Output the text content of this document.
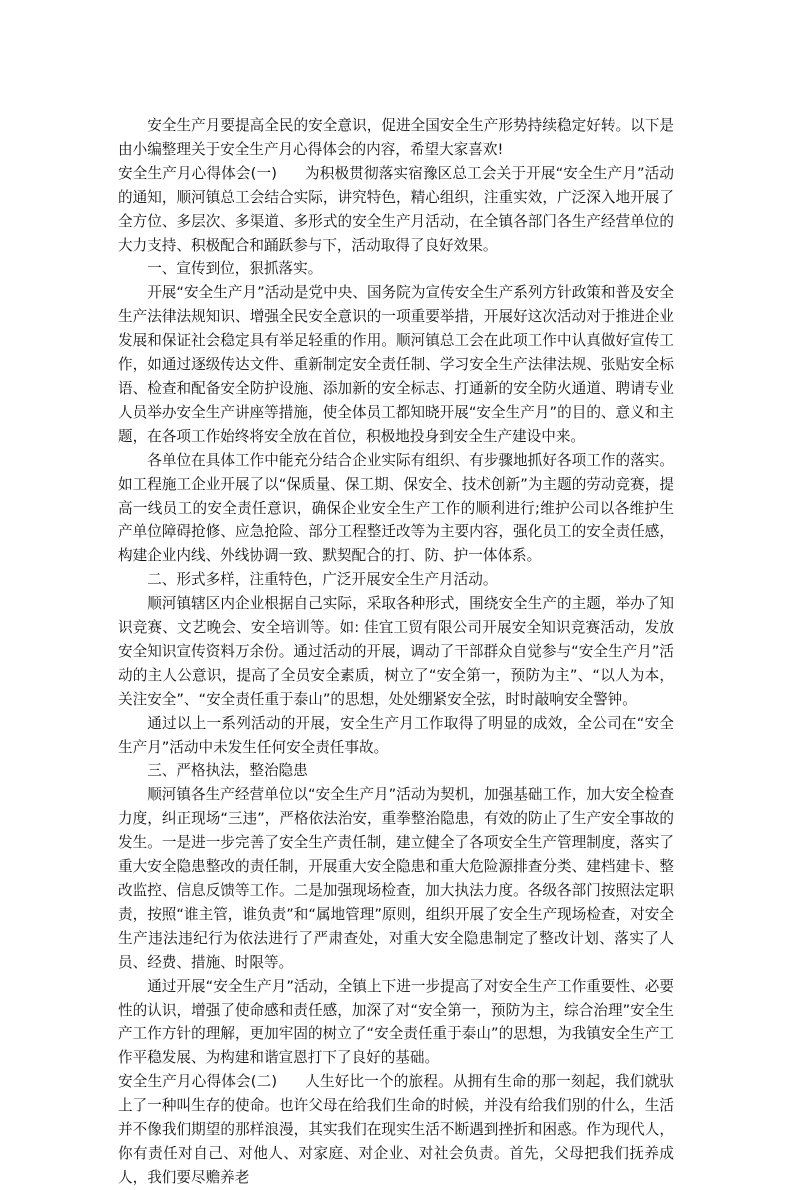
安全生产月要提高全民的安全意识，促进全国安全生产形势持续稳定好转。以下是由小编整理关于安全生产月心得体会的内容，希望大家喜欢!

安全生产月心得体会(一) 为积极贯彻落实宿豫区总工会关于开展“安全生产月”活动的通知，顺河镇总工会结合实际，讲究特色，精心组织，注重实效，广泛深入地开展了全方位、多层次、多渠道、多形式的安全生产月活动，在全镇各部门各生产经营单位的大力支持、积极配合和踊跃参与下，活动取得了良好效果。

一、宣传到位，狠抓落实。

开展“安全生产月”活动是党中央、国务院为宣传安全生产系列方针政策和普及安全生产法律法规知识、增强全民安全意识的一项重要举措，开展好这次活动对于推进企业发展和保证社会稳定具有举足轻重的作用。顺河镇总工会在此项工作中认真做好宣传工作，如通过逐级传达文件、重新制定安全责任制、学习安全生产法律法规、张贴安全标语、检查和配备安全防护设施、添加新的安全标志、打通新的安全防火通道、聘请专业人员举办安全生产讲座等措施，使全体员工都知晓开展“安全生产月”的目的、意义和主题，在各项工作始终将安全放在首位，积极地投身到安全生产建设中来。

各单位在具体工作中能充分结合企业实际有组织、有步骤地抓好各项工作的落实。如工程施工企业开展了以“保质量、保工期、保安全、技术创新”为主题的劳动竞赛，提高一线员工的安全责任意识，确保企业安全生产工作的顺利进行;维护公司以各维护生产单位障碍抢修、应急抢险、部分工程整迁改等为主要内容，强化员工的安全责任感，构建企业内线、外线协调一致、默契配合的打、防、护一体体系。

二、形式多样，注重特色，广泛开展安全生产月活动。

顺河镇辖区内企业根据自己实际，采取各种形式，围绕安全生产的主题，举办了知识竞赛、文艺晚会、安全培训等。如: 佳宜工贸有限公司开展安全知识竞赛活动，发放安全知识宣传资料万余份。通过活动的开展，调动了干部群众自觉参与“安全生产月”活动的主人公意识，提高了全员安全素质，树立了“安全第一，预防为主”、“以人为本，关注安全”、“安全责任重于泰山”的思想，处处绷紧安全弦，时时敲响安全警钟。

通过以上一系列活动的开展，安全生产月工作取得了明显的成效，全公司在“安全生产月”活动中未发生任何安全责任事故。

三、严格执法，整治隐患

顺河镇各生产经营单位以“安全生产月”活动为契机，加强基础工作，加大安全检查力度，纠正现场“三违”，严格依法治安，重拳整治隐患，有效的防止了生产安全事故的发生。一是进一步完善了安全生产责任制，建立健全了各项安全生产管理制度，落实了重大安全隐患整改的责任制，开展重大安全隐患和重大危险源排查分类、建档建卡、整改监控、信息反馈等工作。二是加强现场检查，加大执法力度。各级各部门按照法定职责，按照“谁主管，谁负责”和“属地管理”原则，组织开展了安全生产现场检查，对安全生产违法违纪行为依法进行了严肃查处，对重大安全隐患制定了整改计划、落实了人员、经费、措施、时限等。

通过开展“安全生产月”活动，全镇上下进一步提高了对安全生产工作重要性、必要性的认识，增强了使命感和责任感，加深了对“安全第一，预防为主，综合治理”安全生产工作方针的理解，更加牢固的树立了“安全责任重于泰山”的思想，为我镇安全生产工作平稳发展、为构建和谐宣恩打下了良好的基础。

安全生产月心得体会(二) 人生好比一个的旅程。从拥有生命的那一刻起，我们就驮上了一种叫生存的使命。也许父母在给我们生命的时候，并没有给我们别的什么，生活并不像我们期望的那样浪漫，其实我们在现实生活不断遇到挫折和困惑。作为现代人，你有责任对自己、对他人、对家庭、对企业、对社会负责。首先，父母把我们抚养成人，我们要尽赡养老
